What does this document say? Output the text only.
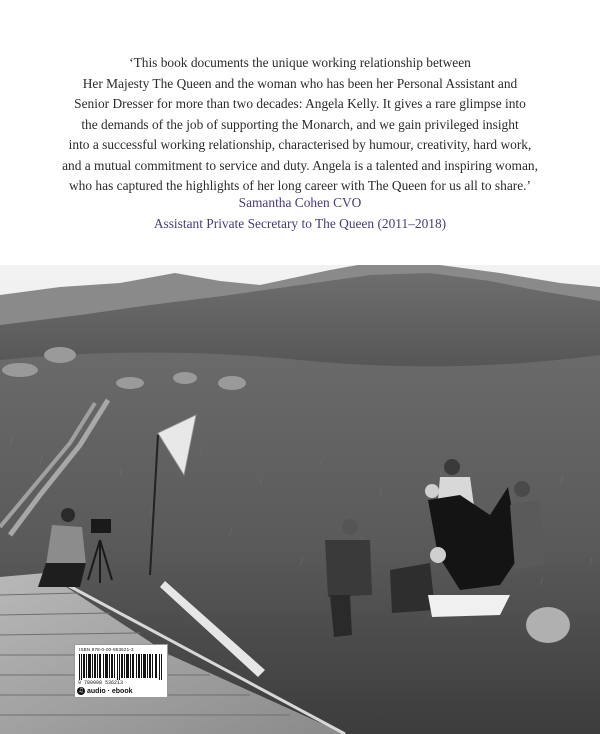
‘This book documents the unique working relationship between
Her Majesty The Queen and the woman who has been her Personal Assistant and
Senior Dresser for more than two decades: Angela Kelly. It gives a rare glimpse into
the demands of the job of supporting the Monarch, and we gain privileged insight
into a successful working relationship, characterised by humour, creativity, hard work,
and a mutual commitment to service and duty. Angela is a talented and inspiring woman,
who has captured the highlights of her long career with The Queen for us all to share.’
Samantha Cohen CVO
Assistant Private Secretary to The Queen (2011–2018)
ISBN 978-0-00-853621-3
9 780008 536213
♫ audio · ebook
